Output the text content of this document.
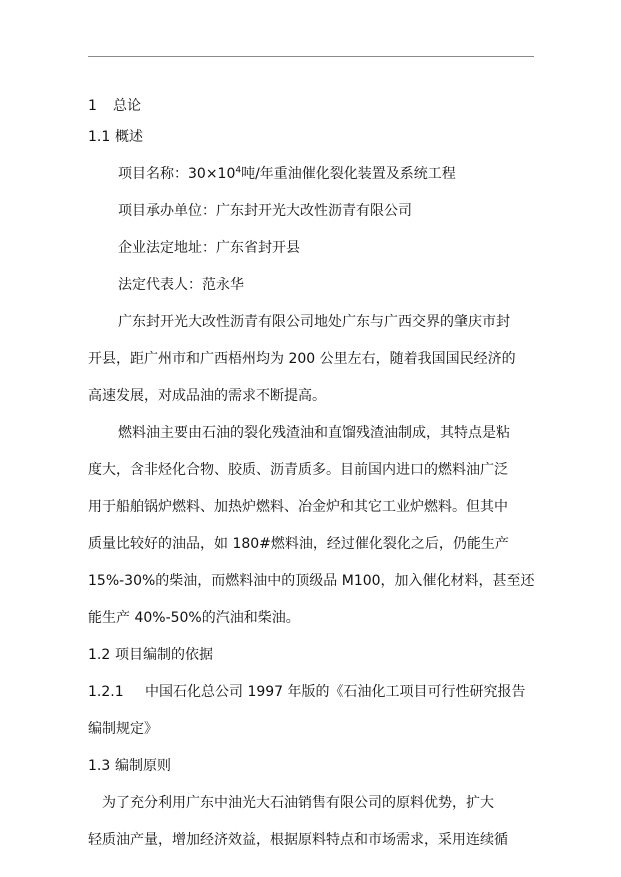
1 总论

1.1 概述

项目名称：$30\times 10^4$吨/年重油催化裂化装置及系统工程

项目承办单位：广东封开光大改性沥青有限公司

企业法定地址：广东省封开县

法定代表人：范永华

广东封开光大改性沥青有限公司地处广东与广西交界的肇庆市封

开县，距广州市和广西梧州均为 200 公里左右，随着我国国民经济的

高速发展，对成品油的需求不断提高。

燃料油主要由石油的裂化残渣油和直馏残渣油制成，其特点是粘

度大，含非烃化合物、胶质、沥青质多。目前国内进口的燃料油广泛

用于船舶锅炉燃料、加热炉燃料、冶金炉和其它工业炉燃料。但其中

质量比较好的油品，如 180#燃料油，经过催化裂化之后，仍能生产

15%-30%的柴油，而燃料油中的顶级品 M100，加入催化材料，甚至还

能生产 40%-50%的汽油和柴油。

1.2 项目编制的依据

1.2.1 中国石化总公司 1997 年版的《石油化工项目可行性研究报告

编制规定》

1.3 编制原则

为了充分利用广东中油光大石油销售有限公司的原料优势，扩大

轻质油产量，增加经济效益，根据原料特点和市场需求，采用连续循
